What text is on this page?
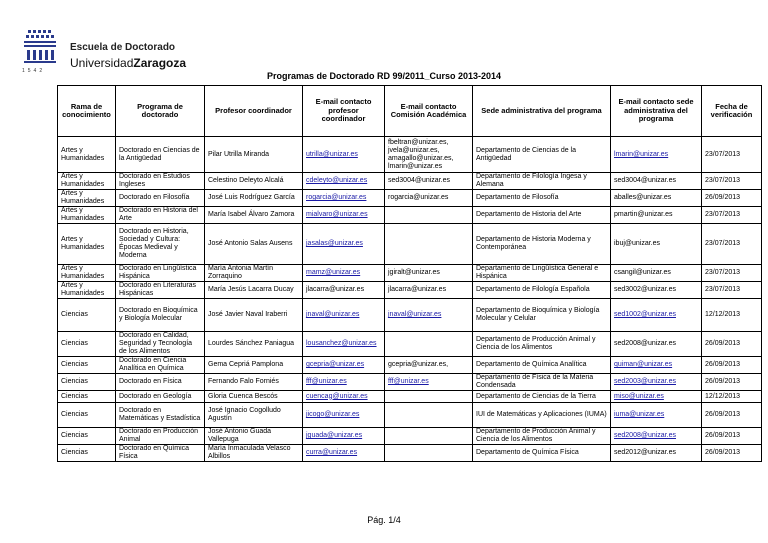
Escuela de Doctorado
UniversidadZaragoza
1542	Programas de Doctorado RD 99/2011_Curso 2013-2014
Rama de conocimiento	Programa de doctorado	Profesor coordinador	E-mail contacto profesor coordinador	E-mail contacto Comisión Académica	Sede administrativa del programa	E-mail contacto sede administrativa del programa	Fecha de verificación
Artes y Humanidades	Doctorado en Ciencias de la Antigüedad	Pilar Utrilla Miranda	utrilla@unizar.es	fbeltran@unizar.es, jvela@unizar.es, amagallo@unizar.es, lmarin@unizar.es	Departamento de Ciencias de la Antigüedad	lmarin@unizar.es	23/07/2013
Artes y Humanidades	Doctorado en Estudios Ingleses	Celestino Deleyto Alcalá	cdeleyto@unizar.es	sed3004@unizar.es	Departamento de Filología Ingesa y Alemana	sed3004@unizar.es	23/07/2013
Artes y Humanidades	Doctorado en Filosofía	José Luis Rodríguez García	rogarcia@unizar.es	rogarcia@unizar.es	Departamento de Filosofía	aballes@unizar.es	26/09/2013
Artes y Humanidades	Doctorado en Historia del Arte	María Isabel Álvaro Zamora	mialvaro@unizar.es		Departamento de Historia del Arte	pmartin@unizar.es	23/07/2013
Artes y Humanidades	Doctorado en Historia, Sociedad y Cultura: Épocas Medieval y Moderna	José Antonio Salas Ausens	jasalas@unizar.es		Departamento de Historia Moderna y Contemporánea	ibuj@unizar.es	23/07/2013
Artes y Humanidades	Doctorado en Lingüística Hispánica	María Antonia Martín Zorraquino	mamz@unizar.es	jgiralt@unizar.es	Departamento de Lingüística General e Hispánica	csangil@unizar.es	23/07/2013
Artes y Humanidades	Doctorado en Literaturas Hispánicas	María Jesús Lacarra Ducay	jlacarra@unizar.es	jlacarra@unizar.es	Departamento de Filología Española	sed3002@unizar.es	23/07/2013
Ciencias	Doctorado en Bioquímica y Biología Molecular	José Javier Naval Iraberri	jnaval@unizar.es	jnaval@unizar.es	Departamento de Bioquímica y Biología Molecular y Celular	sed1002@unizar.es	12/12/2013
Ciencias	Doctorado en Calidad, Seguridad y Tecnología de los Alimentos	Lourdes Sánchez Paniagua	lousanchez@unizar.es		Departamento de Producción Animal y Ciencia de los Alimentos	sed2008@unizar.es	26/09/2013
Ciencias	Doctorado en Ciencia Analítica en Química	Gema Cepriá Pamplona	gcepria@unizar.es	gcepria@unizar.es,	Departamento de Química Analítica	quiman@unizar.es	26/09/2013
Ciencias	Doctorado en Física	Fernando Falo Forniés	fff@unizar.es	fff@unizar.es	Departamento de Física de la Materia Condensada	sed2003@unizar.es	26/09/2013
Ciencias	Doctorado en Geología	Gloria Cuenca Bescós	cuencag@unizar.es		Departamento de Ciencias de la Tierra	miso@unizar.es	12/12/2013
Ciencias	Doctorado en Matemáticas y Estadística	José Ignacio Cogolludo Agustín	jicogo@unizar.es		IUI de Matemáticas y Aplicaciones (IUMA)	iuma@unizar.es	26/09/2013
Ciencias	Doctorado en Producción Animal	José Antonio Guada Vallepuga	jguada@unizar.es		Departamento de Producción Animal y Ciencia de los Alimentos	sed2008@unizar.es	26/09/2013
Ciencias	Doctorado en Química Física	María Inmaculada Velasco Albillos	curra@unizar.es		Departamento de Química Física	sed2012@unizar.es	26/09/2013
Pág. 1/4
